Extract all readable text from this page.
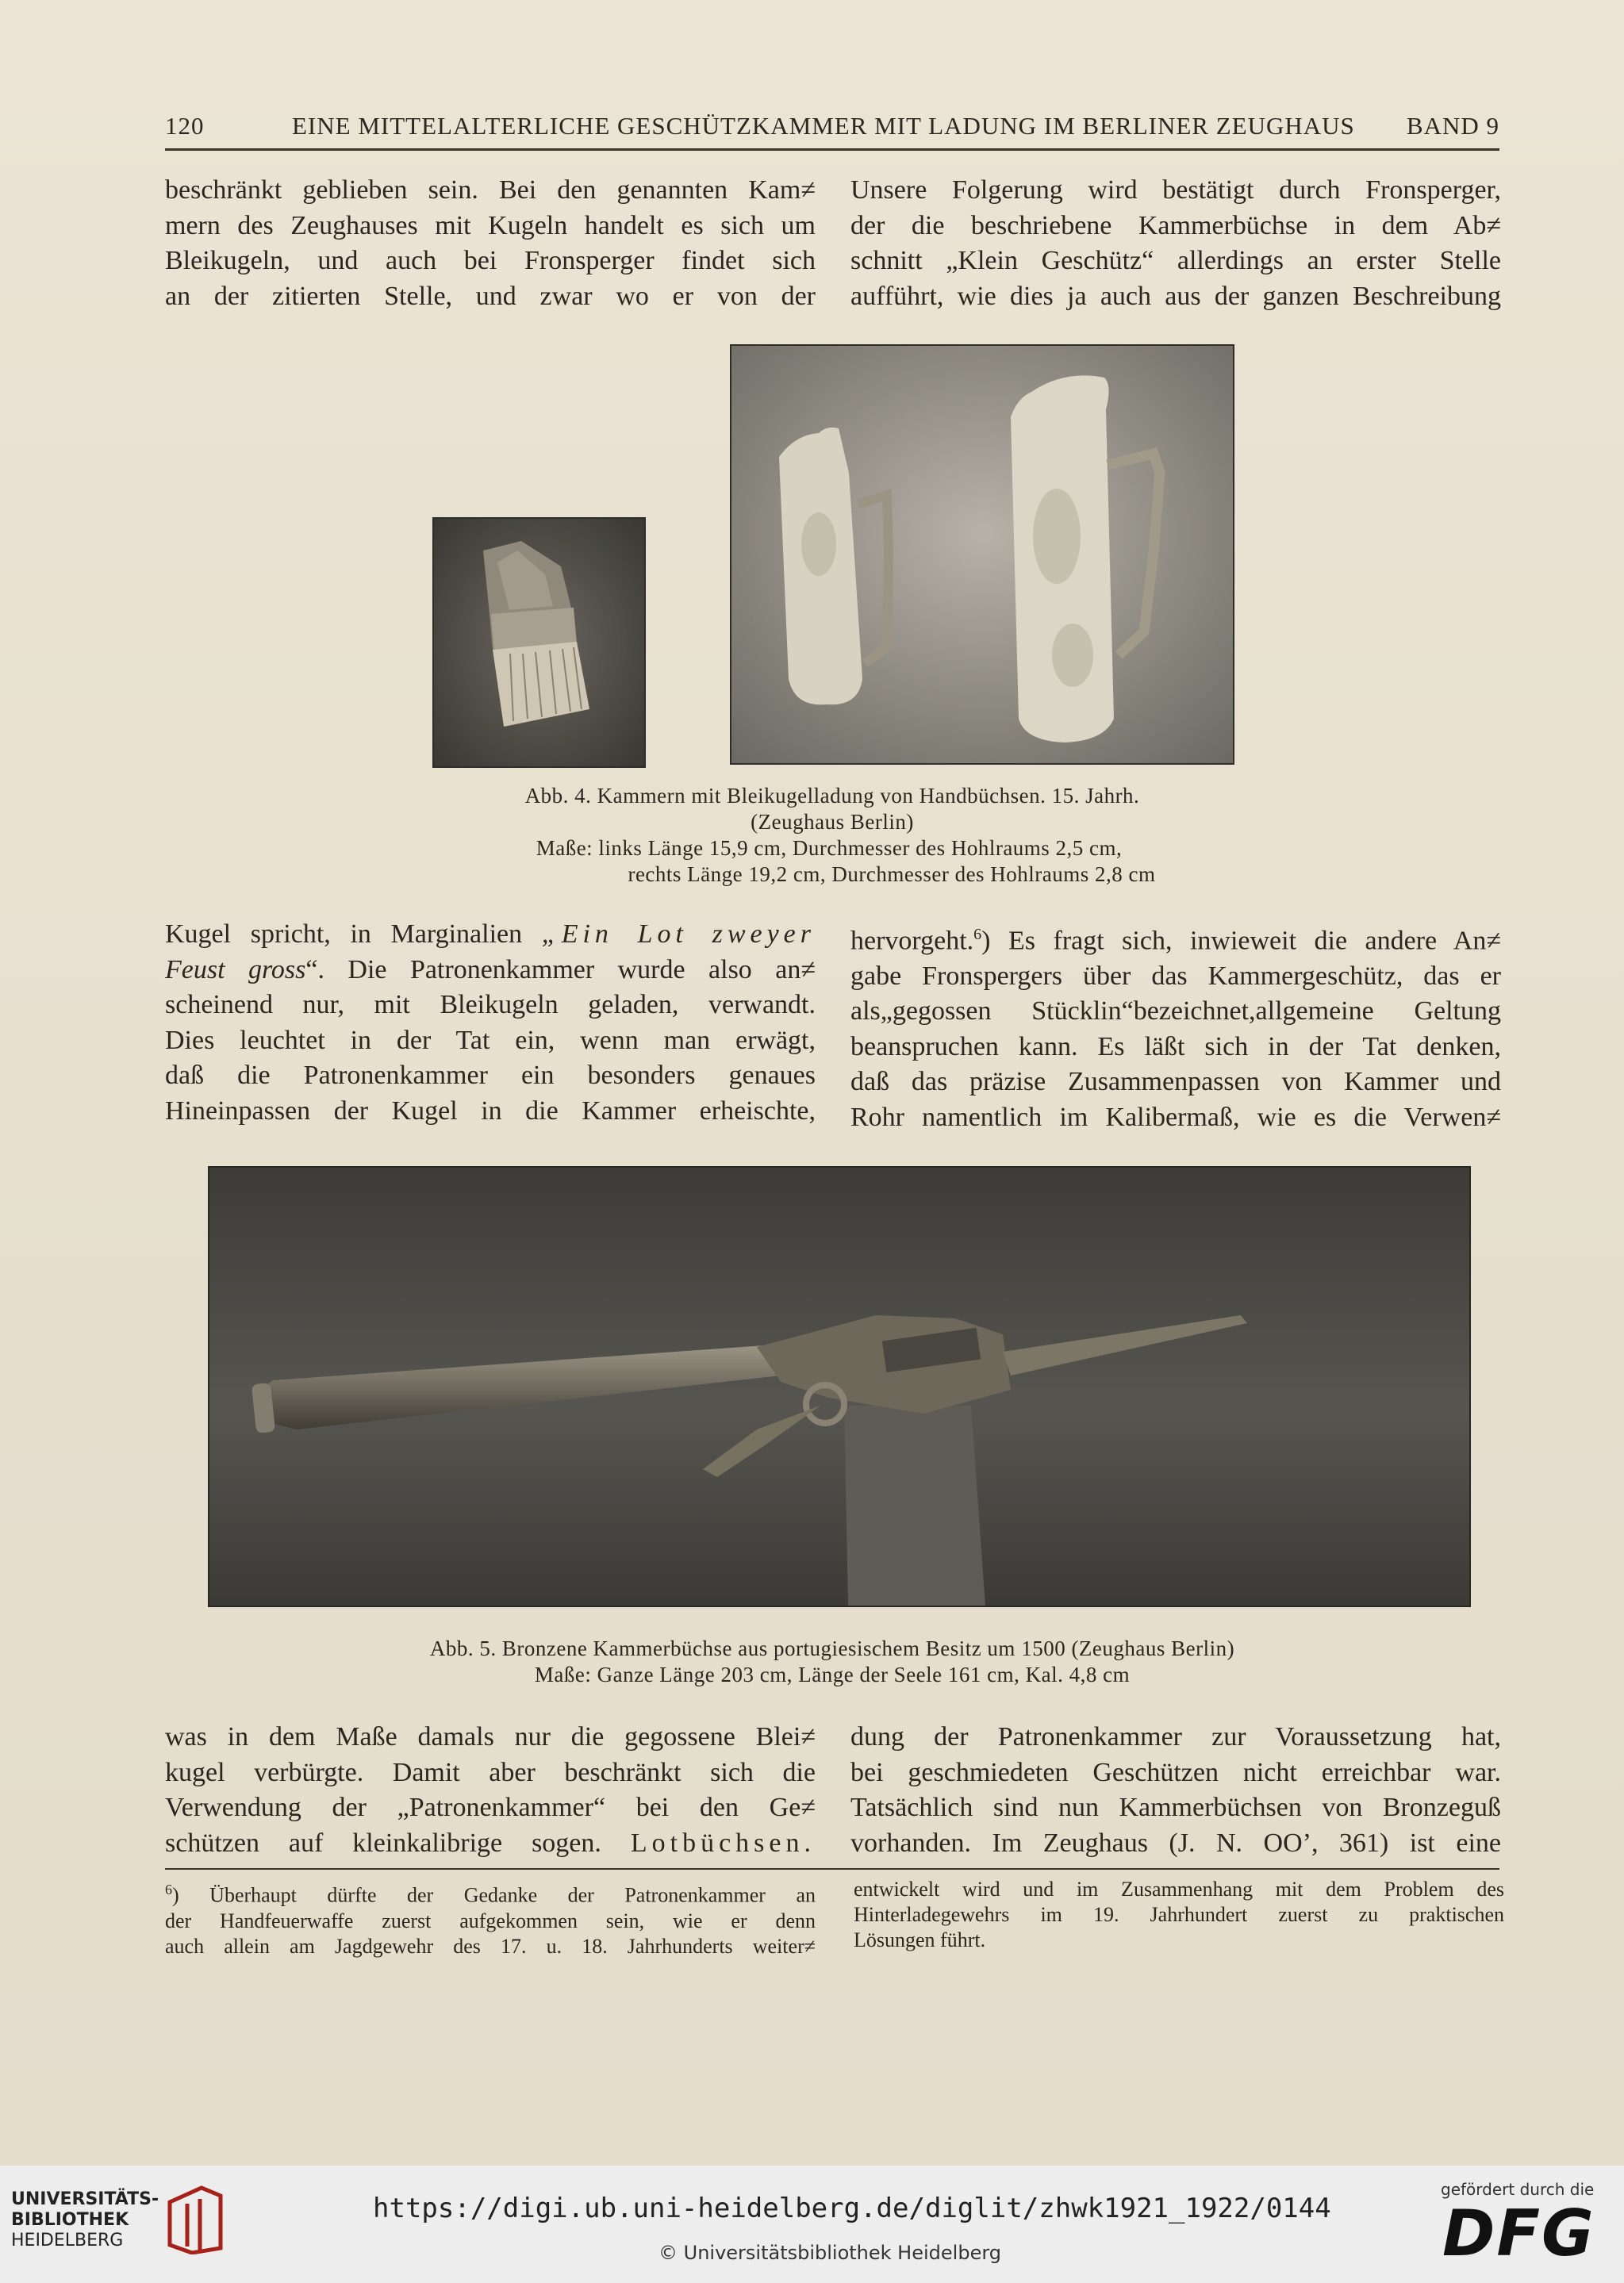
120	EINE MITTELALTERLICHE GESCHÜTZKAMMER MIT LADUNG IM BERLINER ZEUGHAUS BAND 9

beschränkt geblieben sein. Bei den genannten Kam≠

mern des Zeughauses mit Kugeln handelt es sich um

Bleikugeln, und auch bei Fronsperger findet sich

an der zitierten Stelle, und zwar wo er von der

Unsere Folgerung wird bestätigt durch Fronsperger,

der die beschriebene Kammerbüchse in dem Ab≠

schnitt „Klein Geschütz“ allerdings an erster Stelle

aufführt, wie dies ja auch aus der ganzen Beschreibung

Abb. 4. Kammern mit Bleikugelladung von Handbüchsen. 15. Jahrh.
(Zeughaus Berlin)
Maße: links Länge 15,9 cm, Durchmesser des Hohlraums 2,5 cm,
rechts Länge 19,2 cm, Durchmesser des Hohlraums 2,8 cm

Kugel spricht, in Marginalien „Ein Lot zweyer

Feust gross“. Die Patronenkammer wurde also an≠

scheinend nur, mit Bleikugeln geladen, verwandt.

Dies leuchtet in der Tat ein, wenn man erwägt,

daß die Patronenkammer ein besonders genaues

Hineinpassen der Kugel in die Kammer erheischte,

hervorgeht.$^6$) Es fragt sich, inwieweit die andere An≠

gabe Fronspergers über das Kammergeschütz, das er

als„gegossen Stücklin“bezeichnet,allgemeine Geltung

beanspruchen kann. Es läßt sich in der Tat denken,

daß das präzise Zusammenpassen von Kammer und

Rohr namentlich im Kalibermaß, wie es die Verwen≠

Abb. 5. Bronzene Kammerbüchse aus portugiesischem Besitz um 1500 (Zeughaus Berlin)
Maße: Ganze Länge 203 cm, Länge der Seele 161 cm, Kal. 4,8 cm

was in dem Maße damals nur die gegossene Blei≠

kugel verbürgte. Damit aber beschränkt sich die

Verwendung der „Patronenkammer“ bei den Ge≠

schützen auf kleinkalibrige sogen. Lotbüchsen.

dung der Patronenkammer zur Voraussetzung hat,

bei geschmiedeten Geschützen nicht erreichbar war.

Tatsächlich sind nun Kammerbüchsen von Bronzeguß

vorhanden. Im Zeughaus (J. N. OO’, 361) ist eine

$^6$) Überhaupt dürfte der Gedanke der Patronenkammer an

der Handfeuerwaffe zuerst aufgekommen sein, wie er denn

auch allein am Jagdgewehr des 17. u. 18. Jahrhunderts weiter≠

entwickelt wird und im Zusammenhang mit dem Problem des

Hinterladegewehrs im 19. Jahrhundert zuerst zu praktischen

Lösungen führt.

UNIVERSITÄTS-
BIBLIOTHEK
HEIDELBERG
https://digi.ub.uni-heidelberg.de/diglit/zhwk1921_1922/0144
© Universitätsbibliothek Heidelberg
gefördert durch die
DFG
